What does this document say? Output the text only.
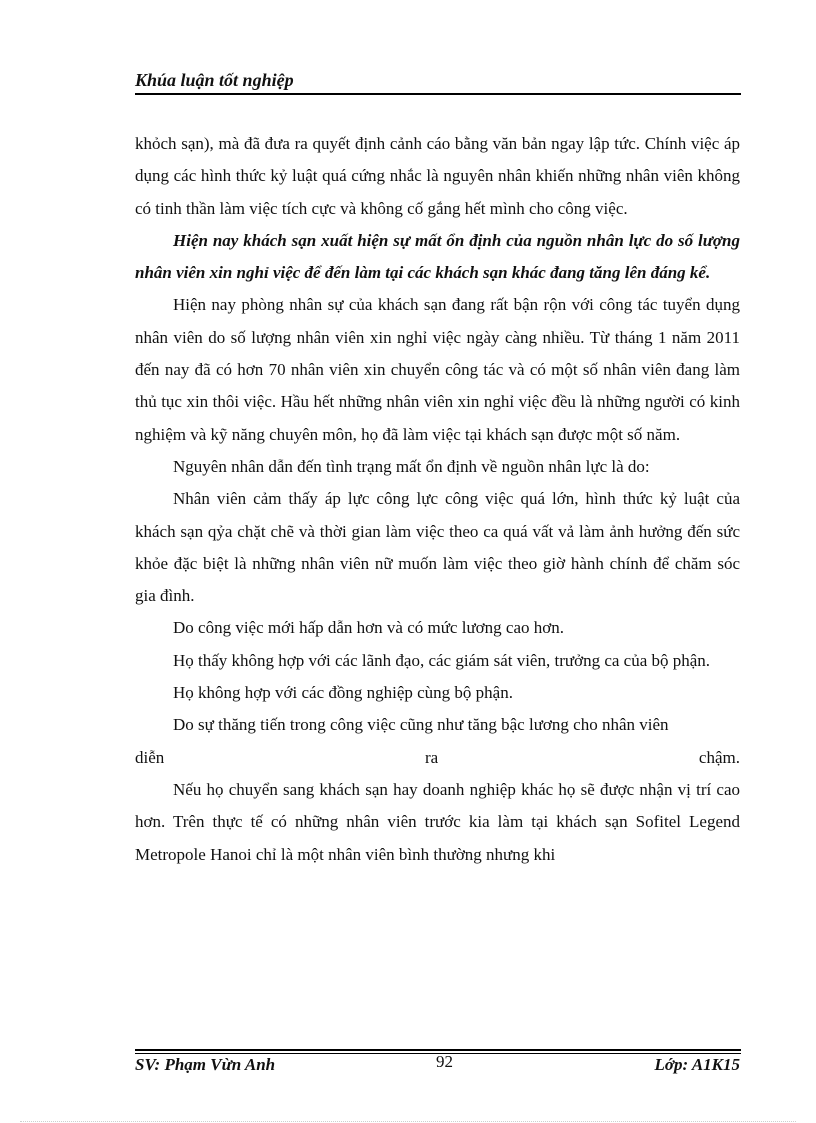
Khúa luận tốt nghiệp

khỏch sạn), mà đã đưa ra quyết định cảnh cáo bằng văn bản ngay lập tức. Chính việc áp dụng các hình thức kỷ luật quá cứng nhắc là nguyên nhân khiến những nhân viên không có tinh thần làm việc tích cực và không cố gắng hết mình cho công việc.

Hiện nay khách sạn xuất hiện sự mất ổn định của nguồn nhân lực do số lượng nhân viên xin nghỉ việc để đến làm tại các khách sạn khác đang tăng lên đáng kể.

Hiện nay phòng nhân sự của khách sạn đang rất bận rộn với công tác tuyển dụng nhân viên do số lượng nhân viên xin nghỉ việc ngày càng nhiều. Từ tháng 1 năm 2011 đến nay đã có hơn 70 nhân viên xin chuyển công tác và có một số nhân viên đang làm thủ tục xin thôi việc. Hầu hết những nhân viên xin nghỉ việc đều là những người có kinh nghiệm và kỹ năng chuyên môn, họ đã làm việc tại khách sạn được một số năm.

Nguyên nhân dẫn đến tình trạng mất ổn định về nguồn nhân lực là do:

Nhân viên cảm thấy áp lực công lực công việc quá lớn, hình thức kỷ luật của khách sạn qỷa chặt chẽ và thời gian làm việc theo ca quá vất vả làm ảnh hưởng đến sức khỏe đặc biệt là những nhân viên nữ muốn làm việc theo giờ hành chính để chăm sóc gia đình.

Do công việc mới hấp dẫn hơn và có mức lương cao hơn.

Họ thấy không hợp với các lãnh đạo, các giám sát viên, trưởng ca của bộ phận.

Họ không hợp với các đồng nghiệp cùng bộ phận.

Do sự thăng tiến trong công việc cũng như tăng bậc lương cho nhân viên

diễn ra chậm.

Nếu họ chuyển sang khách sạn hay doanh nghiệp khác họ sẽ được nhận vị trí cao hơn. Trên thực tế có những nhân viên trước kia làm tại khách sạn Sofitel Legend Metropole Hanoi chỉ là một nhân viên bình thường nhưng khi

SV: Phạm Vừn Anh	92	Lớp: A1K15
